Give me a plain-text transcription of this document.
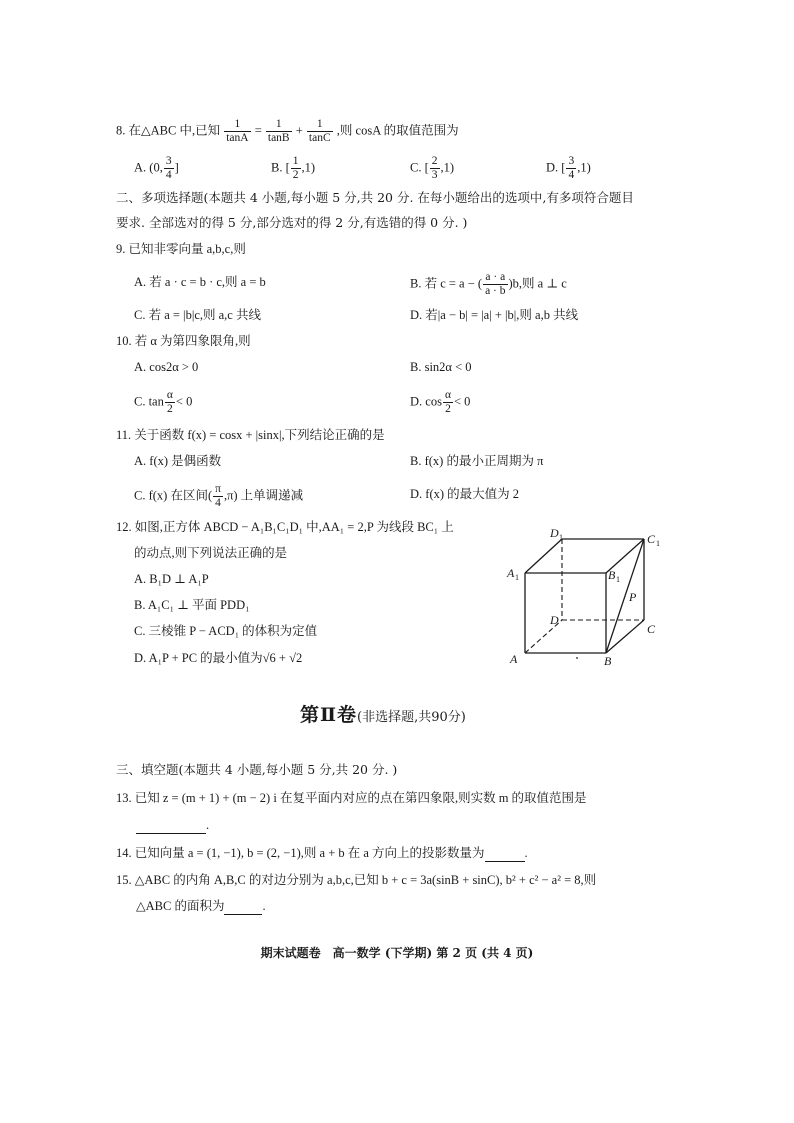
8. 在△ABC 中,已知 $\frac{1}{\tan A} = \frac{1}{\tan B} + \frac{1}{\tan C}$ ,则 cosA 的取值范围为
A. (0, $\frac{3}{4}$ ]	B. [ $\frac{1}{2} ,1$)	C. [ $\frac{2}{3} ,1$)	D. [ $\frac{3}{4} ,1$)
二、多项选择题(本题共 4 小题,每小题 5 分,共 20 分. 在每小题给出的选项中,有多项符合题目
要求. 全部选对的得 5 分,部分选对的得 2 分,有选错的得 0 分. )
9. 已知非零向量 a,b,c,则
A. 若 a · c = b · c,则 a = b	B. 若 c = a − ( $\frac{a \cdot a}{a \cdot b} )b$,则 a ⊥ c
C. 若 a = |b|c,则 a,c 共线	D. 若|a − b| = |a| + |b|,则 a,b 共线
10. 若 α 为第四象限角,则
A. cos2α > 0	B. sin2α < 0
C. $\tan \frac{\alpha}{2} < 0$	D. $\cos \frac{\alpha}{2} < 0$
11. 关于函数 f(x) = cosx + |sinx|,下列结论正确的是
A. f(x) 是偶函数	B. f(x) 的最小正周期为 π
C. f(x) 在区间( $\frac{\pi}{4} ,\pi$) 上单调递减	D. f(x) 的最大值为 2
12. 如图,正方体 ABCD − A₁B₁C₁D₁ 中,AA₁ = 2,P 为线段 BC₁ 上
的动点,则下列说法正确的是
A. B₁D ⊥ A₁P
B. A₁C₁ ⊥ 平面 PDD₁
C. 三棱锥 P − ACD₁ 的体积为定值
D. A₁P + PC 的最小值为√6 + √2
D 1	C 1
A 1	B 1
P
D
C
A	B
第Ⅱ卷(非选择题,共90分)
三、填空题(本题共 4 小题,每小题 5 分,共 20 分. )
13. 已知 z = (m + 1) + (m − 2) i 在复平面内对应的点在第四象限,则实数 m 的取值范围是
.
14. 已知向量 a = (1, −1), b = (2, −1),则 a + b 在 a 方向上的投影数量为	.
15. △ABC 的内角 A,B,C 的对边分别为 a,b,c,已知 b + c = 3a(sinB + sinC), b² + c² − a² = 8,则
△ABC 的面积为	.
期末试题卷　高一数学 (下学期) 第 2 页 (共 4 页)
